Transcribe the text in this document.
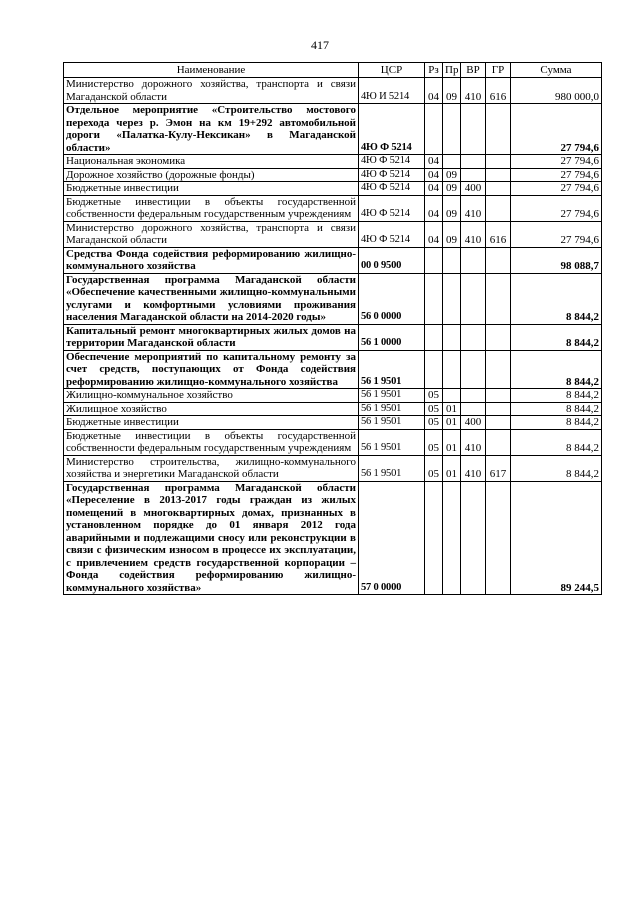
417
Наименование	ЦСР	Рз	Пр	ВР	ГР	Сумма
Министерство дорожного хозяйства, транспорта и связи Магаданской области	4Ю И 5214	04	09	410	616	980 000,0
Отдельное мероприятие «Строительство мостового перехода через р. Эмон на км 19+292 автомобильной дороги «Палатка-Кулу-Нексикан» в Магаданской области»	4Ю Ф 5214					27 794,6
Национальная экономика	4Ю Ф 5214	04				27 794,6
Дорожное хозяйство (дорожные фонды)	4Ю Ф 5214	04	09			27 794,6
Бюджетные инвестиции	4Ю Ф 5214	04	09	400		27 794,6
Бюджетные инвестиции в объекты государственной собственности федеральным государственным учреждениям	4Ю Ф 5214	04	09	410		27 794,6
Министерство дорожного хозяйства, транспорта и связи Магаданской области	4Ю Ф 5214	04	09	410	616	27 794,6
Средства Фонда содействия реформированию жилищно-коммунального хозяйства	00 0 9500					98 088,7
Государственная программа Магаданской области «Обеспечение качественными жилищно-коммунальными услугами и комфортными условиями проживания населения Магаданской области на 2014-2020 годы»	56 0 0000					8 844,2
Капитальный ремонт многоквартирных жилых домов на территории Магаданской области	56 1 0000					8 844,2
Обеспечение мероприятий по капитальному ремонту за счет средств, поступающих от Фонда содействия реформированию жилищно-коммунального хозяйства	56 1 9501					8 844,2
Жилищно-коммунальное хозяйство	56 1 9501	05				8 844,2
Жилищное хозяйство	56 1 9501	05	01			8 844,2
Бюджетные инвестиции	56 1 9501	05	01	400		8 844,2
Бюджетные инвестиции в объекты государственной собственности федеральным государственным учреждениям	56 1 9501	05	01	410		8 844,2
Министерство строительства, жилищно-коммунального хозяйства и энергетики Магаданской области	56 1 9501	05	01	410	617	8 844,2
Государственная программа Магаданской области «Переселение в 2013-2017 годы граждан из жилых помещений в многоквартирных домах, признанных в установленном порядке до 01 января 2012 года аварийными и подлежащими сносу или реконструкции в связи с физическим износом в процессе их эксплуатации, с привлечением средств государственной корпорации – Фонда содействия реформированию жилищно-коммунального хозяйства»	57 0 0000					89 244,5
